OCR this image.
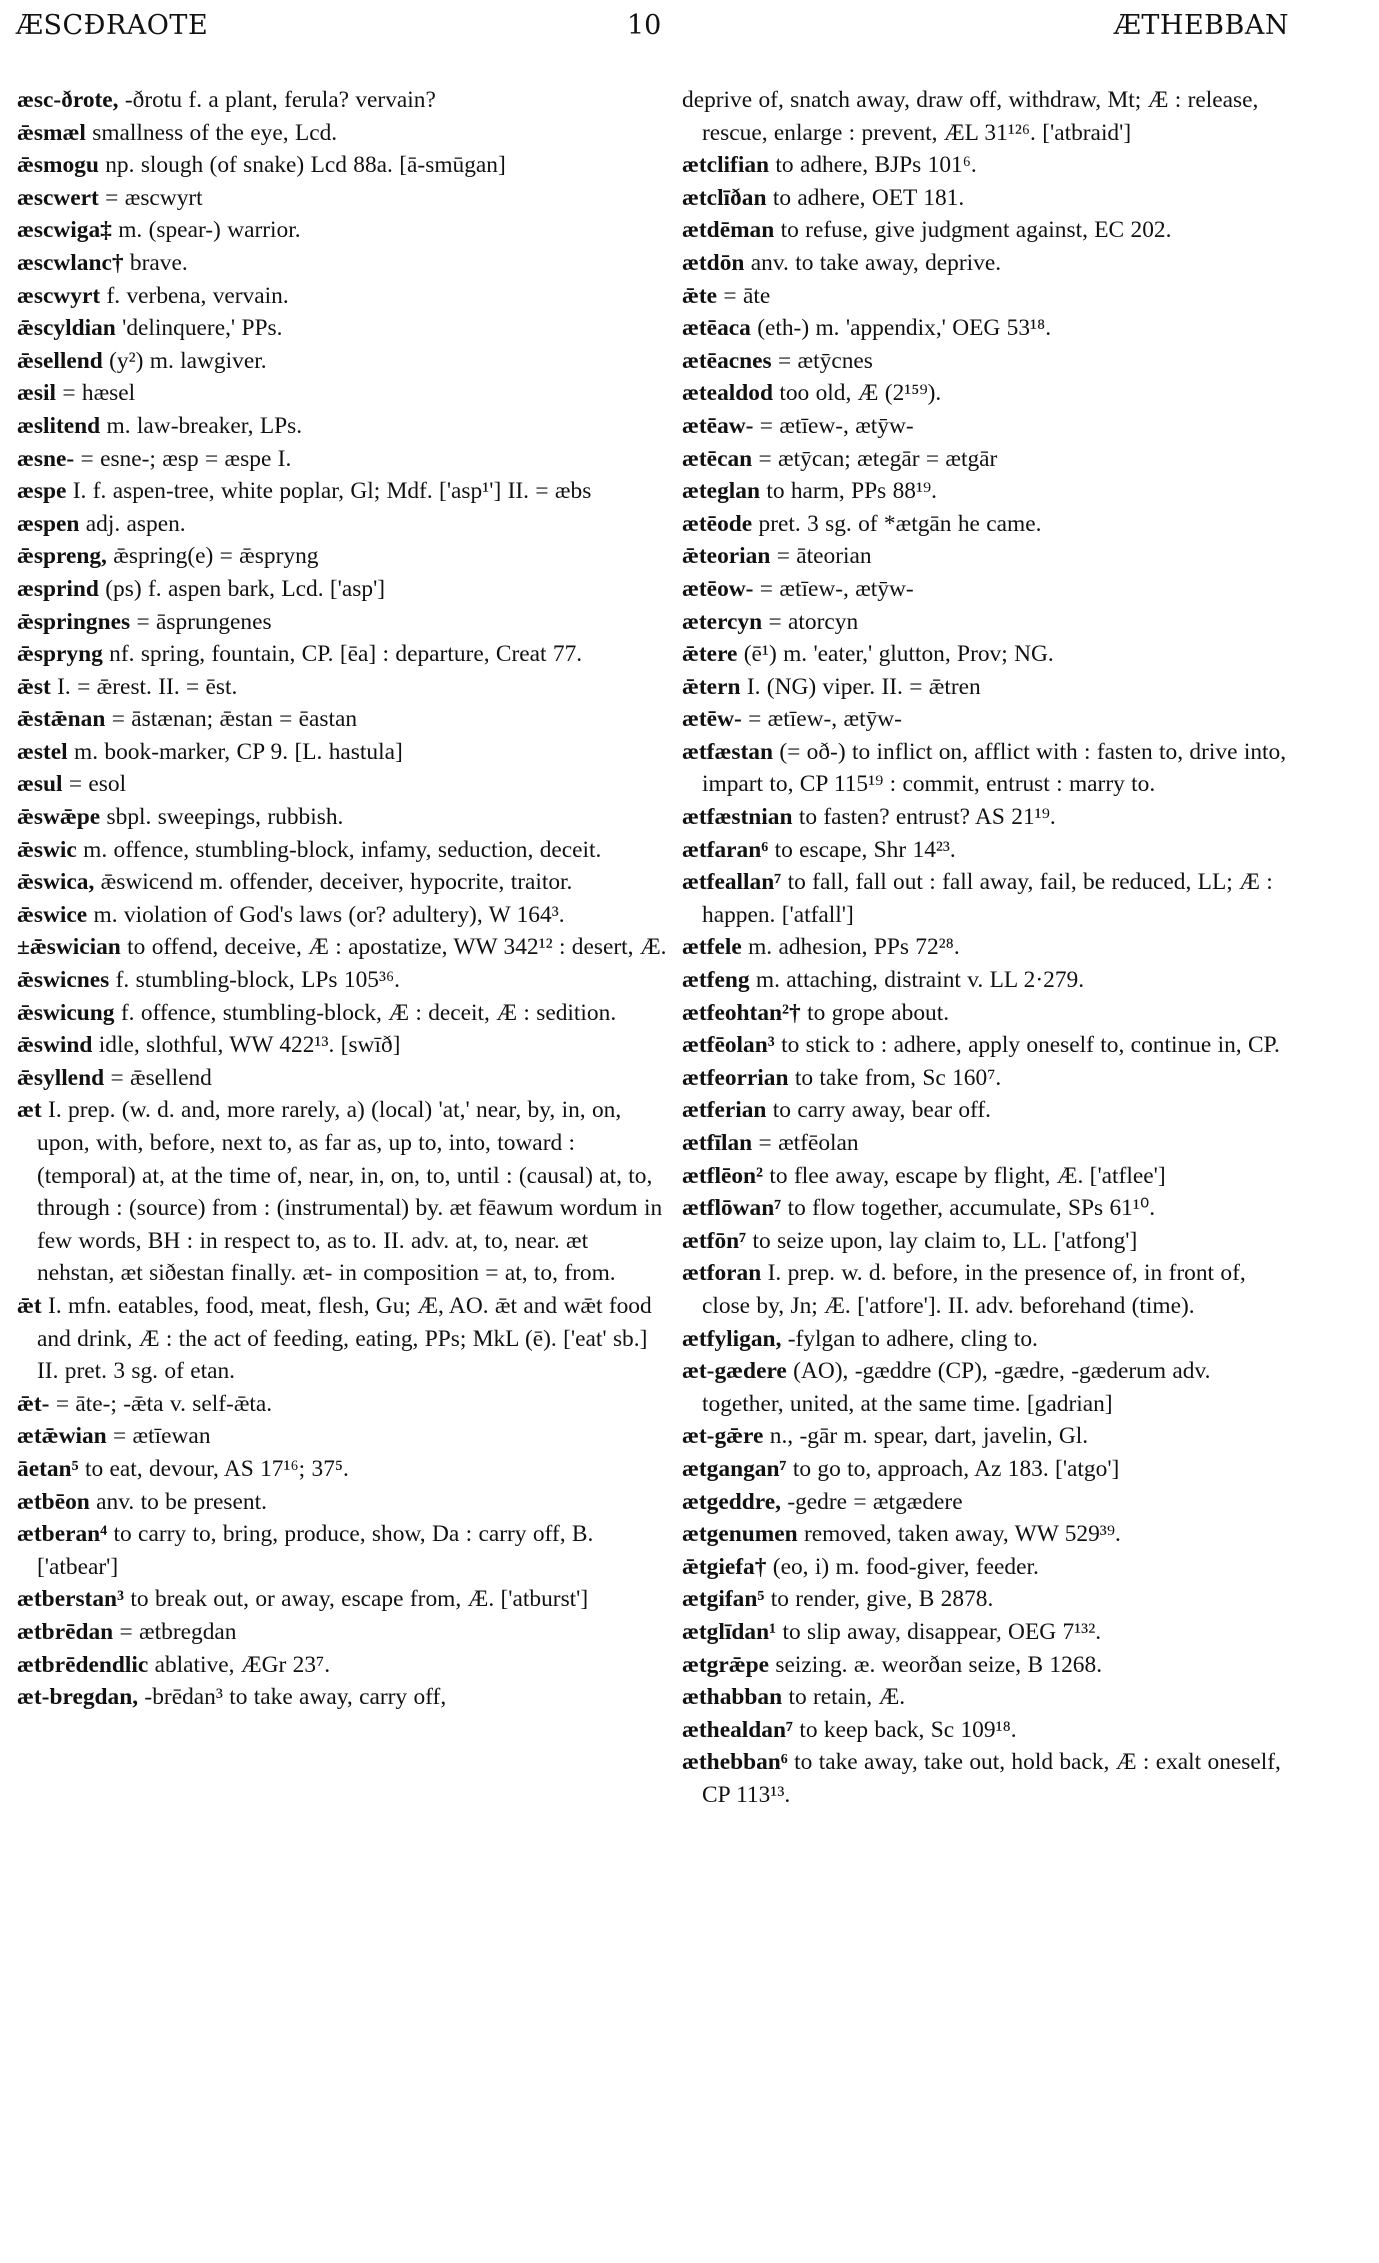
ÆSCÐRAOTE	10	ÆTHEBBAN
æsc-ðrote, -ðrotu f. a plant, ferula? vervain?
ǣsmæl smallness of the eye, Lcd.
ǣsmogu np. slough (of snake) Lcd 88a. [ā-smūgan]
æscwert = æscwyrt
æscwiga‡ m. (spear-) warrior.
æscwlanc† brave.
æscwyrt f. verbena, vervain.
ǣscyldian 'delinquere,' PPs.
ǣsellend (y²) m. lawgiver.
æsil = hæsel
æslitend m. law-breaker, LPs.
æsne- = esne-; æsp = æspe I.
æspe I. f. aspen-tree, white poplar, Gl; Mdf. ['asp¹'] II. = æbs
æspen adj. aspen.
ǣspreng, ǣspring(e) = ǣspryng
æsprind (ps) f. aspen bark, Lcd. ['asp']
ǣspringnes = āsprungenes
ǣspryng nf. spring, fountain, CP. [ēa] : departure, Creat 77.
ǣst I. = ǣrest. II. = ēst.
ǣstǣnan = āstænan; ǣstan = ēastan
æstel m. book-marker, CP 9. [L. hastula]
æsul = esol
ǣswǣpe sbpl. sweepings, rubbish.
ǣswic m. offence, stumbling-block, infamy, seduction, deceit.
ǣswica, ǣswicend m. offender, deceiver, hypocrite, traitor.
ǣswice m. violation of God's laws (or? adultery), W 164³.
±ǣswician to offend, deceive, Æ : apostatize, WW 342¹² : desert, Æ.
ǣswicnes f. stumbling-block, LPs 105³⁶.
ǣswicung f. offence, stumbling-block, Æ : deceit, Æ : sedition.
ǣswind idle, slothful, WW 422¹³. [swīð]
ǣsyllend = ǣsellend
æt I. prep. (w. d. and, more rarely, a) (local) 'at,' near, by, in, on, upon, with, before, next to, as far as, up to, into, toward : (temporal) at, at the time of, near, in, on, to, until : (causal) at, to, through : (source) from : (instrumental) by. æt fēawum wordum in few words, BH : in respect to, as to. II. adv. at, to, near. æt nehstan, æt siðestan finally. æt- in composition = at, to, from.
ǣt I. mfn. eatables, food, meat, flesh, Gu; Æ, AO. ǣt and wǣt food and drink, Æ : the act of feeding, eating, PPs; MkL (ē). ['eat' sb.] II. pret. 3 sg. of etan.
ǣt- = āte-; -ǣta v. self-ǣta.
ætǣwian = ætīewan
āetan⁵ to eat, devour, AS 17¹⁶; 37⁵.
ætbēon anv. to be present.
ætberan⁴ to carry to, bring, produce, show, Da : carry off, B. ['atbear']
ætberstan³ to break out, or away, escape from, Æ. ['atburst']
ætbrēdan = ætbregdan
ætbrēdendlic ablative, ÆGr 23⁷.
æt-bregdan, -brēdan³ to take away, carry off,
deprive of, snatch away, draw off, withdraw, Mt; Æ : release, rescue, enlarge : prevent, ÆL 31¹²⁶. ['atbraid']
ætclifian to adhere, BJPs 101⁶.
ætclīðan to adhere, OET 181.
ætdēman to refuse, give judgment against, EC 202.
ætdōn anv. to take away, deprive.
ǣte = āte
ætēaca (eth-) m. 'appendix,' OEG 53¹⁸.
ætēacnes = ætȳcnes
ætealdod too old, Æ (2¹⁵⁹).
ætēaw- = ætīew-, ætȳw-
ætēcan = ætȳcan; ætegār = ætgār
æteglan to harm, PPs 88¹⁹.
ætēode pret. 3 sg. of *ætgān he came.
ǣteorian = āteorian
ætēow- = ætīew-, ætȳw-
ætercyn = atorcyn
ǣtere (ē¹) m. 'eater,' glutton, Prov; NG.
ǣtern I. (NG) viper. II. = ǣtren
ætēw- = ætīew-, ætȳw-
ætfæstan (= oð-) to inflict on, afflict with : fasten to, drive into, impart to, CP 115¹⁹ : commit, entrust : marry to.
ætfæstnian to fasten? entrust? AS 21¹⁹.
ætfaran⁶ to escape, Shr 14²³.
ætfeallan⁷ to fall, fall out : fall away, fail, be reduced, LL; Æ : happen. ['atfall']
ætfele m. adhesion, PPs 72²⁸.
ætfeng m. attaching, distraint v. LL 2·279.
ætfeohtan²† to grope about.
ætfēolan³ to stick to : adhere, apply oneself to, continue in, CP.
ætfeorrian to take from, Sc 160⁷.
ætferian to carry away, bear off.
ætfīlan = ætfēolan
ætflēon² to flee away, escape by flight, Æ. ['atflee']
ætflōwan⁷ to flow together, accumulate, SPs 61¹⁰.
ætfōn⁷ to seize upon, lay claim to, LL. ['atfong']
ætforan I. prep. w. d. before, in the presence of, in front of, close by, Jn; Æ. ['atfore']. II. adv. beforehand (time).
ætfyligan, -fylgan to adhere, cling to.
æt-gædere (AO), -gæddre (CP), -gædre, -gæderum adv. together, united, at the same time. [gadrian]
æt-gǣre n., -gār m. spear, dart, javelin, Gl.
ætgangan⁷ to go to, approach, Az 183. ['atgo']
ætgeddre, -gedre = ætgædere
ætgenumen removed, taken away, WW 529³⁹.
ǣtgiefa† (eo, i) m. food-giver, feeder.
ætgifan⁵ to render, give, B 2878.
ætglīdan¹ to slip away, disappear, OEG 7¹³².
ætgrǣpe seizing. æ. weorðan seize, B 1268.
æthabban to retain, Æ.
æthealdan⁷ to keep back, Sc 109¹⁸.
æthebban⁶ to take away, take out, hold back, Æ : exalt oneself, CP 113¹³.
